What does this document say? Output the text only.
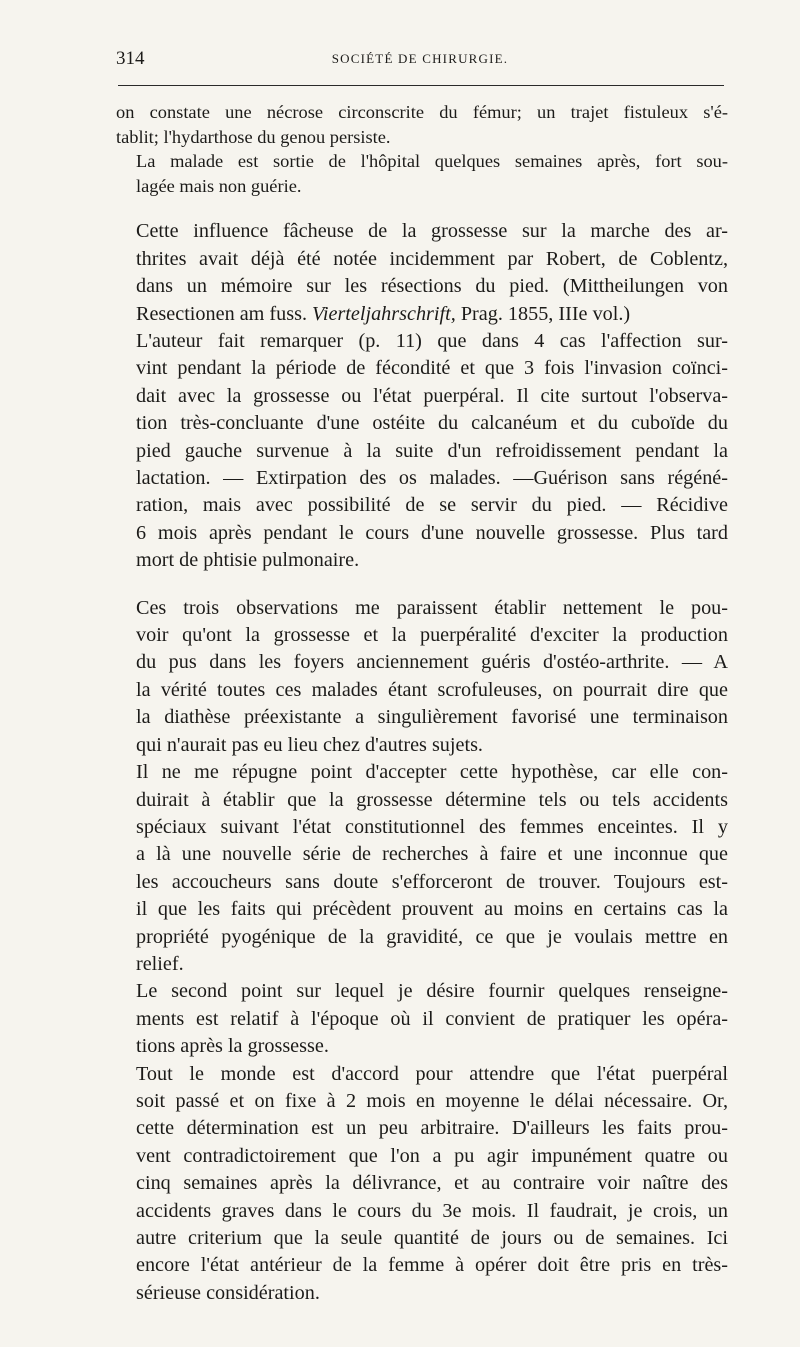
314	SOCIÉTÉ DE CHIRURGIE.
on constate une nécrose circonscrite du fémur; un trajet fistuleux s'é-
tablit; l'hydarthose du genou persiste.
La malade est sortie de l'hôpital quelques semaines après, fort sou-
lagée mais non guérie.
Cette influence fâcheuse de la grossesse sur la marche des ar-
thrites avait déjà été notée incidemment par Robert, de Coblentz,
dans un mémoire sur les résections du pied. (Mittheilungen von
Resectionen am fuss. Vierteljahrschrift, Prag. 1855, IIIe vol.)
L'auteur fait remarquer (p. 11) que dans 4 cas l'affection sur-
vint pendant la période de fécondité et que 3 fois l'invasion coïnci-
dait avec la grossesse ou l'état puerpéral. Il cite surtout l'observa-
tion très-concluante d'une ostéite du calcanéum et du cuboïde du
pied gauche survenue à la suite d'un refroidissement pendant la
lactation. — Extirpation des os malades. —Guérison sans régéné-
ration, mais avec possibilité de se servir du pied. — Récidive
6 mois après pendant le cours d'une nouvelle grossesse. Plus tard
mort de phtisie pulmonaire.
Ces trois observations me paraissent établir nettement le pou-
voir qu'ont la grossesse et la puerpéralité d'exciter la production
du pus dans les foyers anciennement guéris d'ostéo-arthrite. — A
la vérité toutes ces malades étant scrofuleuses, on pourrait dire que
la diathèse préexistante a singulièrement favorisé une terminaison
qui n'aurait pas eu lieu chez d'autres sujets.
Il ne me répugne point d'accepter cette hypothèse, car elle con-
duirait à établir que la grossesse détermine tels ou tels accidents
spéciaux suivant l'état constitutionnel des femmes enceintes. Il y
a là une nouvelle série de recherches à faire et une inconnue que
les accoucheurs sans doute s'efforceront de trouver. Toujours est-
il que les faits qui précèdent prouvent au moins en certains cas la
propriété pyogénique de la gravidité, ce que je voulais mettre en
relief.
Le second point sur lequel je désire fournir quelques renseigne-
ments est relatif à l'époque où il convient de pratiquer les opéra-
tions après la grossesse.
Tout le monde est d'accord pour attendre que l'état puerpéral
soit passé et on fixe à 2 mois en moyenne le délai nécessaire. Or,
cette détermination est un peu arbitraire. D'ailleurs les faits prou-
vent contradictoirement que l'on a pu agir impunément quatre ou
cinq semaines après la délivrance, et au contraire voir naître des
accidents graves dans le cours du 3e mois. Il faudrait, je crois, un
autre criterium que la seule quantité de jours ou de semaines. Ici
encore l'état antérieur de la femme à opérer doit être pris en très-
sérieuse considération.
